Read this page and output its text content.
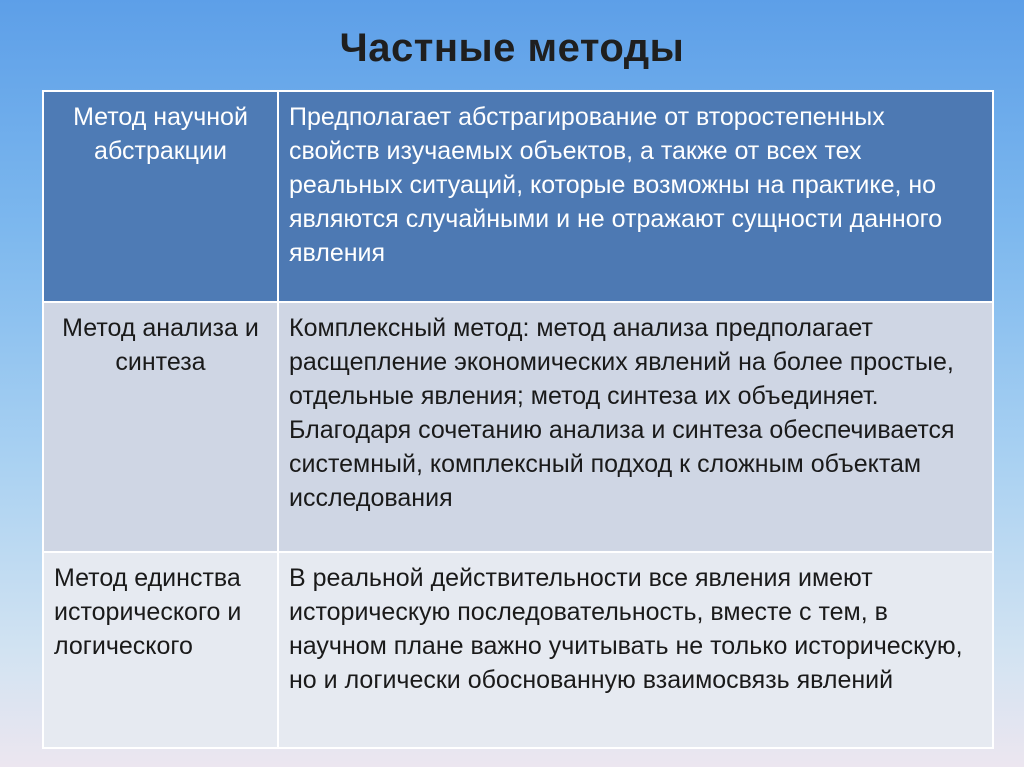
Частные методы
Метод научной абстракции	Предполагает абстрагирование от второстепенных свойств изучаемых объектов, а также от всех тех реальных ситуаций, которые возможны на практике, но являются случайными и не отражают сущности данного явления
Метод анализа и синтеза	Комплексный метод: метод анализа предполагает расщепление экономических явлений на более простые, отдельные явления; метод синтеза их объединяет. Благодаря сочетанию анализа и синтеза обеспечивается системный, комплексный подход к сложным объектам исследования
Метод единства исторического и логического	В реальной действительности все явления имеют историческую последовательность, вместе с тем, в научном плане важно учитывать не только историческую, но и логически обоснованную взаимосвязь явлений
